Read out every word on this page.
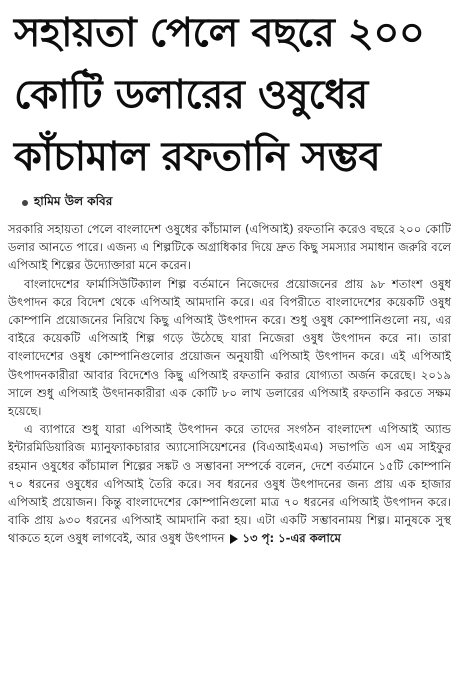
সহায়তা পেলে বছরে ২০০
কোটি ডলারের ওষুধের
কাঁচামাল রফতানি সম্ভব
হামিম উল কবির

সরকারি সহায়তা পেলে বাংলাদেশ ওষুধের কাঁচামাল (এপিআই) রফতানি করেও বছরে ২০০ কোটি ডলার আনতে পারে। এজন্য এ শিল্পটিকে অগ্রাধিকার দিয়ে দ্রুত কিছু সমস্যার সমাধান জরুরি বলে এপিআই শিল্পের উদ্যোক্তারা মনে করেন।

বাংলাদেশের ফার্মাসিউটিক্যাল শিল্প বর্তমানে নিজেদের প্রয়োজনের প্রায় ৯৮ শতাংশ ওষুধ উৎপাদন করে বিদেশ থেকে এপিআই আমদানি করে। এর বিপরীতে বাংলাদেশের কয়েকটি ওষুধ কোম্পানি প্রয়োজনের নিরিখে কিছু এপিআই উৎপাদন করে। শুধু ওষুধ কোম্পানিগুলো নয়, এর বাইরে কয়েকটি এপিআই শিল্প গড়ে উঠেছে যারা নিজেরা ওষুধ উৎপাদন করে না। তারা বাংলাদেশের ওষুধ কোম্পানিগুলোর প্রয়োজন অনুযায়ী এপিআই উৎপাদন করে। এই এপিআই উৎপাদনকারীরা আবার বিদেশেও কিছু এপিআই রফতানি করার যোগ্যতা অর্জন করেছে। ২০১৯ সালে শুধু এপিআই উৎদানকারীরা এক কোটি ৮০ লাখ ডলারের এপিআই রফতানি করতে সক্ষম হয়েছে।

এ ব্যাপারে শুধু যারা এপিআই উৎপাদন করে তাদের সংগঠন বাংলাদেশ এপিআই অ্যান্ড ইন্টারমিডিয়ারিজ ম্যানুফ্যাকচারার অ্যাসোসিয়েশনের (বিএআইএমএ) সভাপতি এস এম সাইফুর রহমান ওষুধের কাঁচামাল শিল্পের সঙ্কট ও সম্ভাবনা সম্পর্কে বলেন, দেশে বর্তমানে ১৫টি কোম্পানি ৭০ ধরনের ওষুধের এপিআই তৈরি করে। সব ধরনের ওষুধ উৎপাদনের জন্য প্রায় এক হাজার এপিআই প্রয়োজন। কিন্তু বাংলাদেশের কোম্পানিগুলো মাত্র ৭০ ধরনের এপিআই উৎপাদন করে। বাকি প্রায় ৯৩০ ধরনের এপিআই আমদানি করা হয়। এটা একটি সম্ভাবনাময় শিল্প। মানুষকে সুস্থ থাকতে হলে ওষুধ লাগবেই, আর ওষুধ উৎপাদন ১৩ পৃ: ১-এর কলামে
